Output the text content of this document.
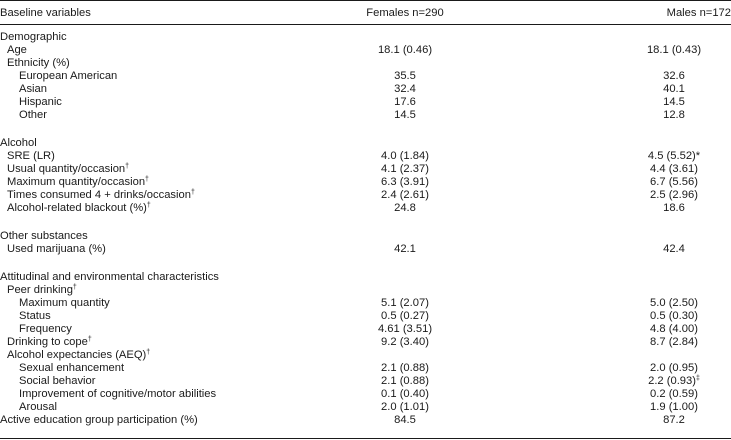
Baseline variables	Females n=290	Males n=172
Demographic
Age	18.1 (0.46)	18.1 (0.43)
Ethnicity (%)
European American	35.5	32.6
Asian	32.4	40.1
Hispanic	17.6	14.5
Other	14.5	12.8
Alcohol
SRE (LR)	4.0 (1.84)	4.5 (5.52)*
Usual quantity/occasion†	4.1 (2.37)	4.4 (3.61)
Maximum quantity/occasion†	6.3 (3.91)	6.7 (5.56)
Times consumed 4 + drinks/occasion†	2.4 (2.61)	2.5 (2.96)
Alcohol-related blackout (%)†	24.8	18.6
Other substances
Used marijuana (%)	42.1	42.4
Attitudinal and environmental characteristics
Peer drinking†
Maximum quantity	5.1 (2.07)	5.0 (2.50)
Status	0.5 (0.27)	0.5 (0.30)
Frequency	4.61 (3.51)	4.8 (4.00)
Drinking to cope†	9.2 (3.40)	8.7 (2.84)
Alcohol expectancies (AEQ)†
Sexual enhancement	2.1 (0.88)	2.0 (0.95)
Social behavior	2.1 (0.88)	2.2 (0.93)‡
Improvement of cognitive/motor abilities	0.1 (0.40)	0.2 (0.59)
Arousal	2.0 (1.01)	1.9 (1.00)
Active education group participation (%)	84.5	87.2
